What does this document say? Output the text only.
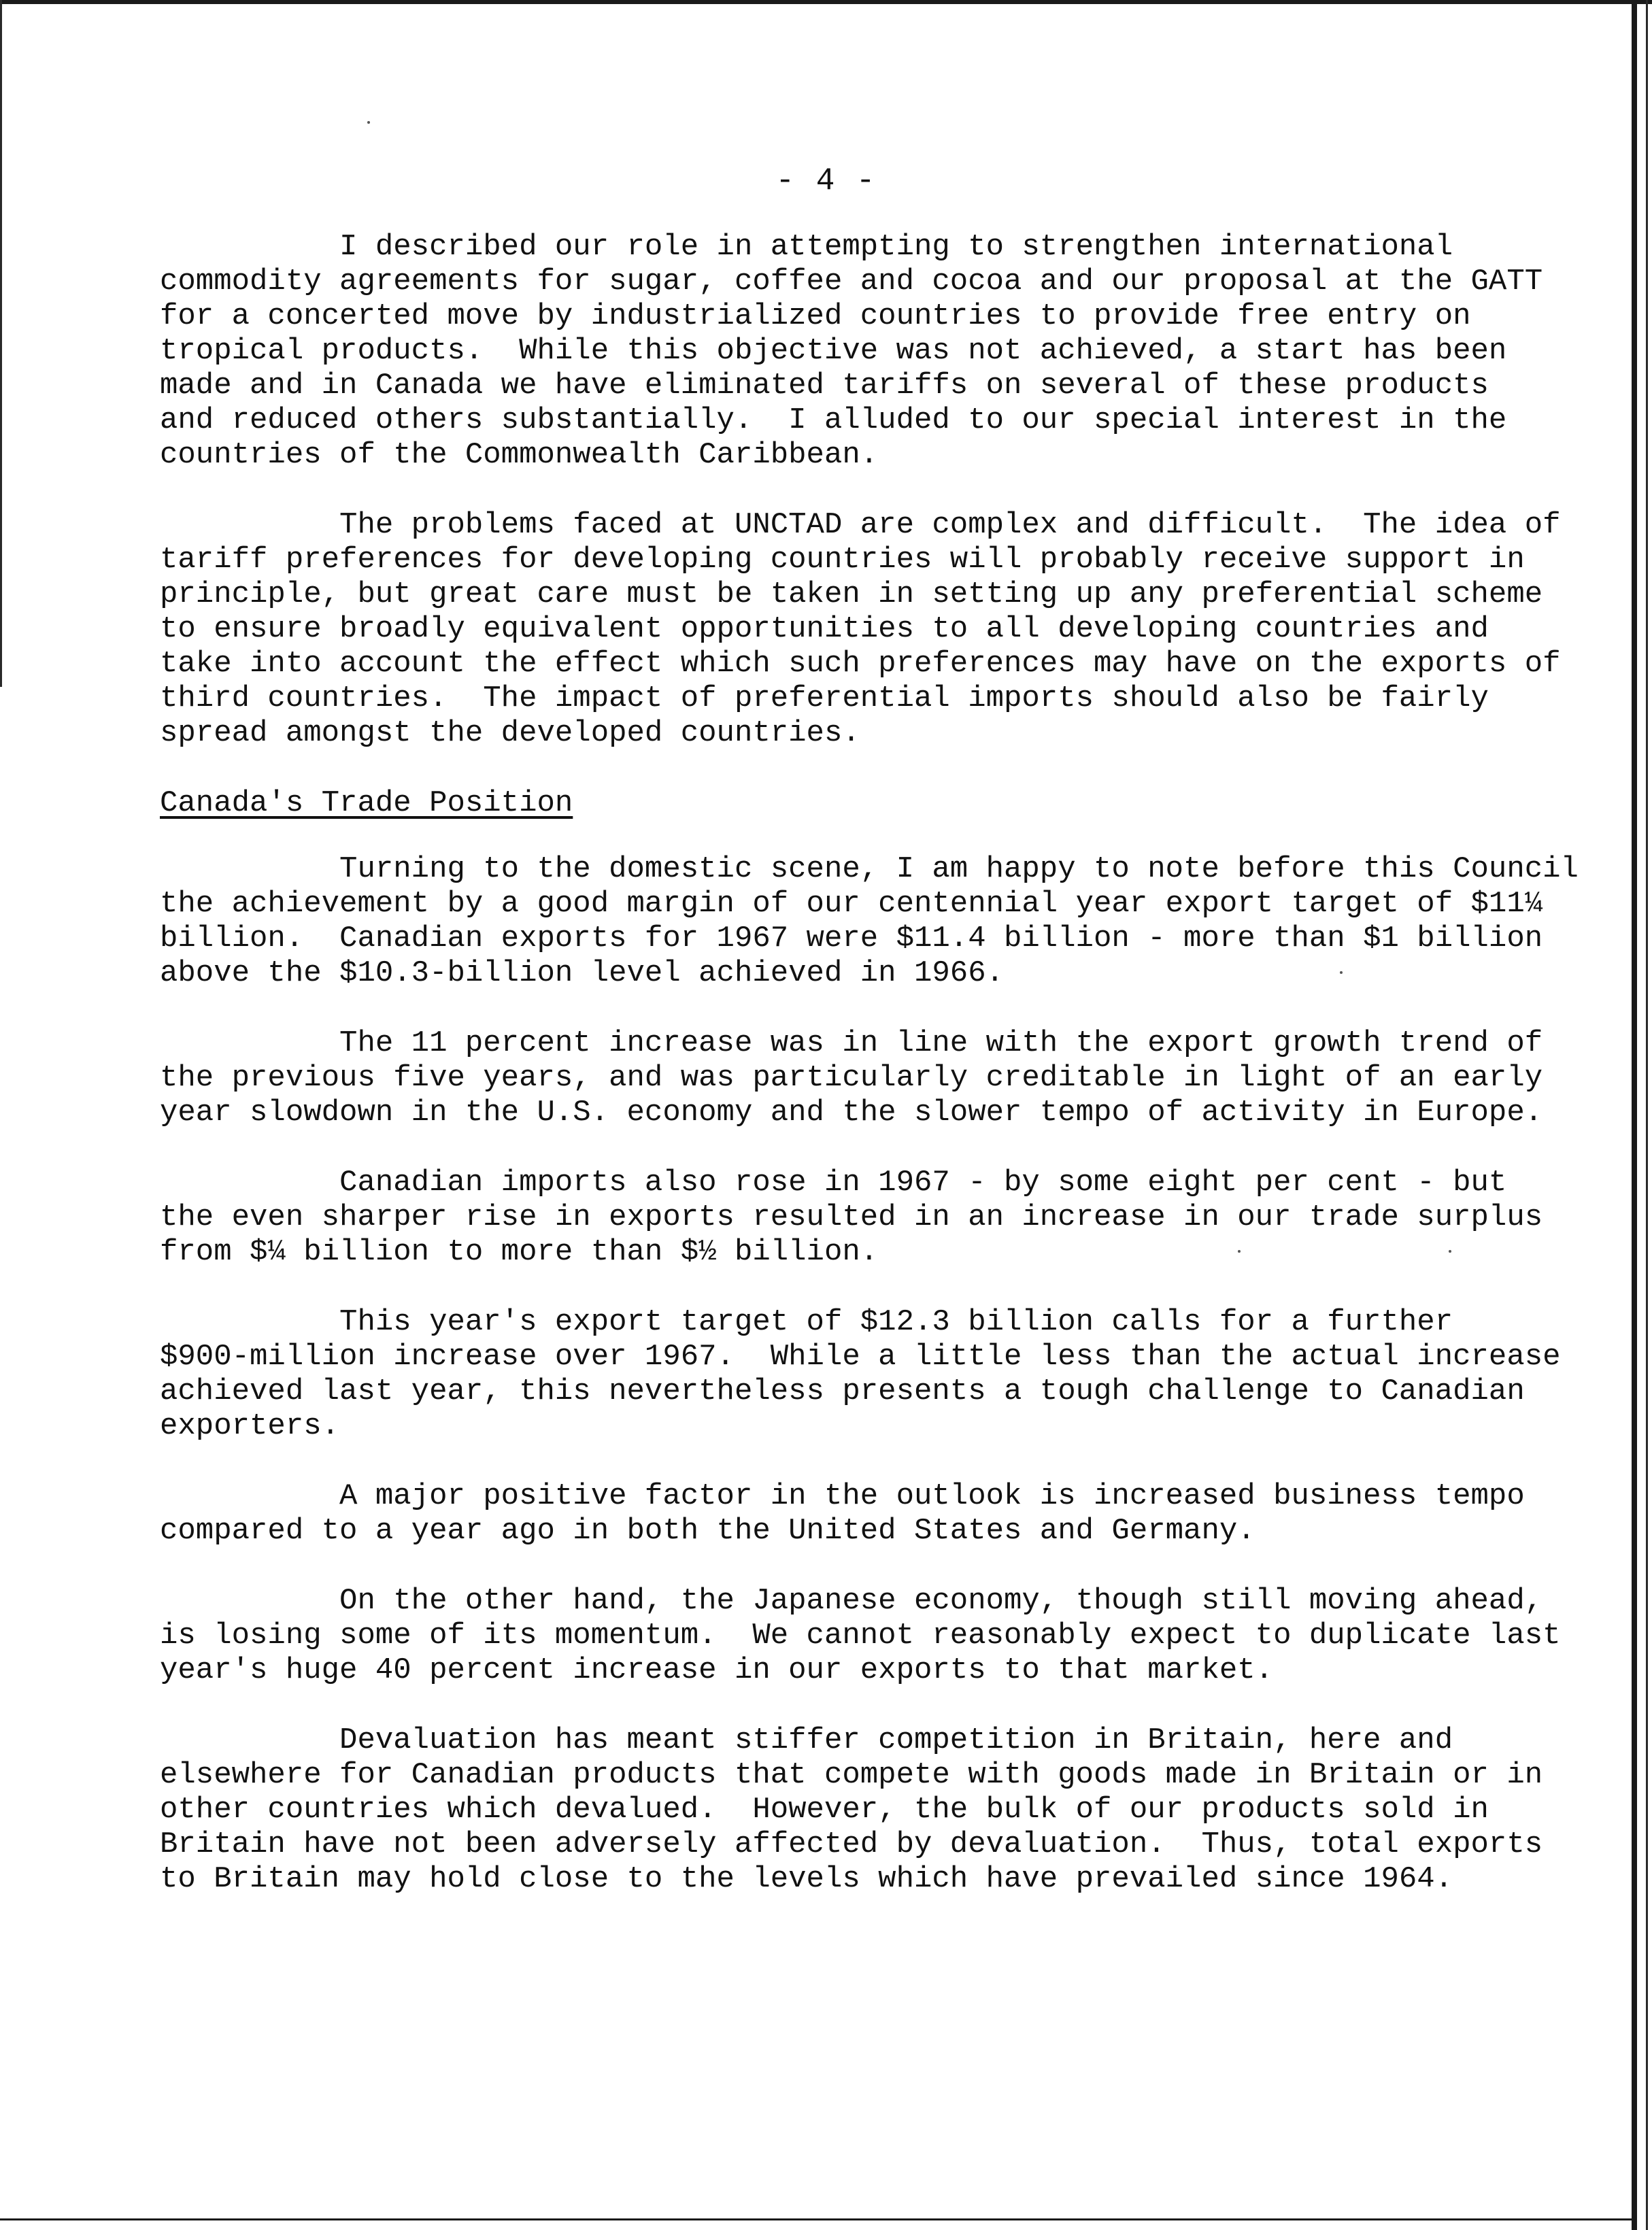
- 4 -

I described our role in attempting to strengthen international
commodity agreements for sugar, coffee and cocoa and our proposal at the GATT
for a concerted move by industrialized countries to provide free entry on
tropical products.  While this objective was not achieved, a start has been
made and in Canada we have eliminated tariffs on several of these products
and reduced others substantially.  I alluded to our special interest in the
countries of the Commonwealth Caribbean.

The problems faced at UNCTAD are complex and difficult.  The idea of
tariff preferences for developing countries will probably receive support in
principle, but great care must be taken in setting up any preferential scheme
to ensure broadly equivalent opportunities to all developing countries and
take into account the effect which such preferences may have on the exports of
third countries.  The impact of preferential imports should also be fairly
spread amongst the developed countries.

Canada's Trade Position

Turning to the domestic scene, I am happy to note before this Council
the achievement by a good margin of our centennial year export target of $11¼
billion.  Canadian exports for 1967 were $11.4 billion - more than $1 billion
above the $10.3-billion level achieved in 1966.

The 11 percent increase was in line with the export growth trend of
the previous five years, and was particularly creditable in light of an early
year slowdown in the U.S. economy and the slower tempo of activity in Europe.

Canadian imports also rose in 1967 - by some eight per cent - but
the even sharper rise in exports resulted in an increase in our trade surplus
from $¼ billion to more than $½ billion.

This year's export target of $12.3 billion calls for a further
$900-million increase over 1967.  While a little less than the actual increase
achieved last year, this nevertheless presents a tough challenge to Canadian
exporters.

A major positive factor in the outlook is increased business tempo
compared to a year ago in both the United States and Germany.

On the other hand, the Japanese economy, though still moving ahead,
is losing some of its momentum.  We cannot reasonably expect to duplicate last
year's huge 40 percent increase in our exports to that market.

Devaluation has meant stiffer competition in Britain, here and
elsewhere for Canadian products that compete with goods made in Britain or in
other countries which devalued.  However, the bulk of our products sold in
Britain have not been adversely affected by devaluation.  Thus, total exports
to Britain may hold close to the levels which have prevailed since 1964.
